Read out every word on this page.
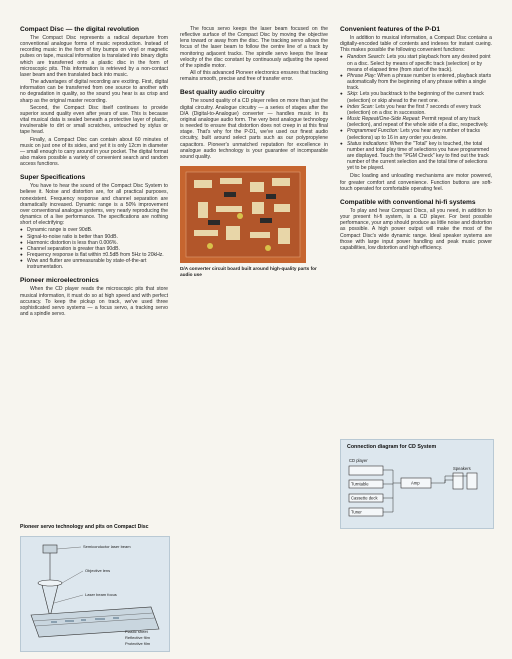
Compact Disc — the digital revolution

The Compact Disc represents a radical departure from conventional analogue forms of music reproduction. Instead of recording music in the form of tiny bumps on vinyl or magnetic pulses on tape, musical information is translated into binary digits which are transferred onto a plastic disc in the form of microscopic pits. This information is retrieved by a non-contact laser beam and then translated back into music.

The advantages of digital recording are exciting. First, digital information can be transferred from one source to another with no degradation in quality, so the sound you hear is as crisp and sharp as the original master recording.

Second, the Compact Disc itself continues to provide superior sound quality even after years of use. This is because vital musical data is sealed beneath a protective layer of plastic, invulnerable to dirt or small scratches, untouched by stylus or tape head.

Finally, a Compact Disc can contain about 60 minutes of music on just one of its sides, and yet it is only 12cm in diameter — small enough to carry around in your pocket. The digital format also makes possible a variety of convenient search and random access functions.

Super Specifications

You have to hear the sound of the Compact Disc System to believe it. Noise and distortion are, for all practical purposes, nonexistent. Frequency response and channel separation are dramatically increased. Dynamic range is a 50% improvement over conventional analogue systems, very nearly reproducing the dynamics of a live performance. The specifications are nothing short of electrifying:

● Dynamic range is over 90dB.
● Signal-to-noise ratio is better than 90dB.
● Harmonic distortion is less than 0.006%.
● Channel separation is greater than 90dB.
● Frequency response is flat within ±0.5dB from 5Hz to 20kHz.
● Wow and flutter are unmeasurable by state-of-the-art instrumentation.
Pioneer microelectronics

When the CD player reads the microscopic pits that store musical information, it must do so at high speed and with perfect accuracy. To keep the pickup on track, we've used three sophisticated servo systems — a focus servo, a tracking servo and a spindle servo.

Pioneer servo technology and pits on Compact Disc
Semiconductor laser beam
Objective lens
Laser beam focus
Plastic sheet
Reflective film
Protective film

The focus servo keeps the laser beam focused on the reflective surface of the Compact Disc by moving the objective lens toward or away from the disc. The tracking servo allows the focus of the laser beam to follow the centre line of a track by monitoring adjacent tracks. The spindle servo keeps the linear velocity of the disc constant by continuously adjusting the speed of the spindle motor.

All of this advanced Pioneer electronics ensures that tracking remains smooth, precise and free of transfer error.

Best quality audio circuitry

The sound quality of a CD player relies on more than just the digital circuitry. Analogue circuitry — a series of stages after the D/A (Digital-to-Analogue) converter — handles music in its original analogue audio form. The very best analogue technology is needed to ensure that distortion does not creep in at this final stage. That's why for the P-D1, we've used our finest audio circuitry, built around select parts such as our polypropylene capacitors. Pioneer's unmatched reputation for excellence in analogue audio technology is your guarantee of incomparable sound quality.

D/A converter circuit board built around high-quality parts for audio use
Convenient features of the P-D1

In addition to musical information, a Compact Disc contains a digitally-encoded table of contents and indexes for instant cueing. This makes possible the following convenient functions:

● Random Search: Lets you start playback from any desired point on a disc. Select by means of specific track (selection) or by means of elapsed time (from start of the track).
● Phrase Play: When a phrase number is entered, playback starts automatically from the beginning of any phrase within a single track.
● Skip: Lets you backtrack to the beginning of the current track (selection) or skip ahead to the next one.
● Index Scan: Lets you hear the first 7 seconds of every track (selection) on a disc in succession.
● Music Repeat/One-Side Repeat: Permit repeat of any track (selection), and repeat of the whole side of a disc, respectively.
● Programmed Function: Lets you hear any number of tracks (selections) up to 16 in any order you desire.
● Status indications: When the "Total" key is touched, the total number and total play time of selections you have programmed are displayed. Touch the "PGM Check" key to find out the track number of the current selection and the total time of selections yet to be played.

Disc loading and unloading mechanisms are motor powered, for greater comfort and convenience. Function buttons are soft-touch operated for comfortable operating feel.

Compatible with conventional hi-fi systems

To play and hear Compact Discs, all you need, in addition to your present hi-fi system, is a CD player. For best possible performance, your amp should produce as little noise and distortion as possible. A high power output will make the most of the Compact Disc's wide dynamic range. Ideal speaker systems are those with large input power handling and peak music power capabilities, low distortion and high efficiency.

Connection diagram for CD System
CD player
Speakers
Turntable	Amp
Cassette deck
Tuner
